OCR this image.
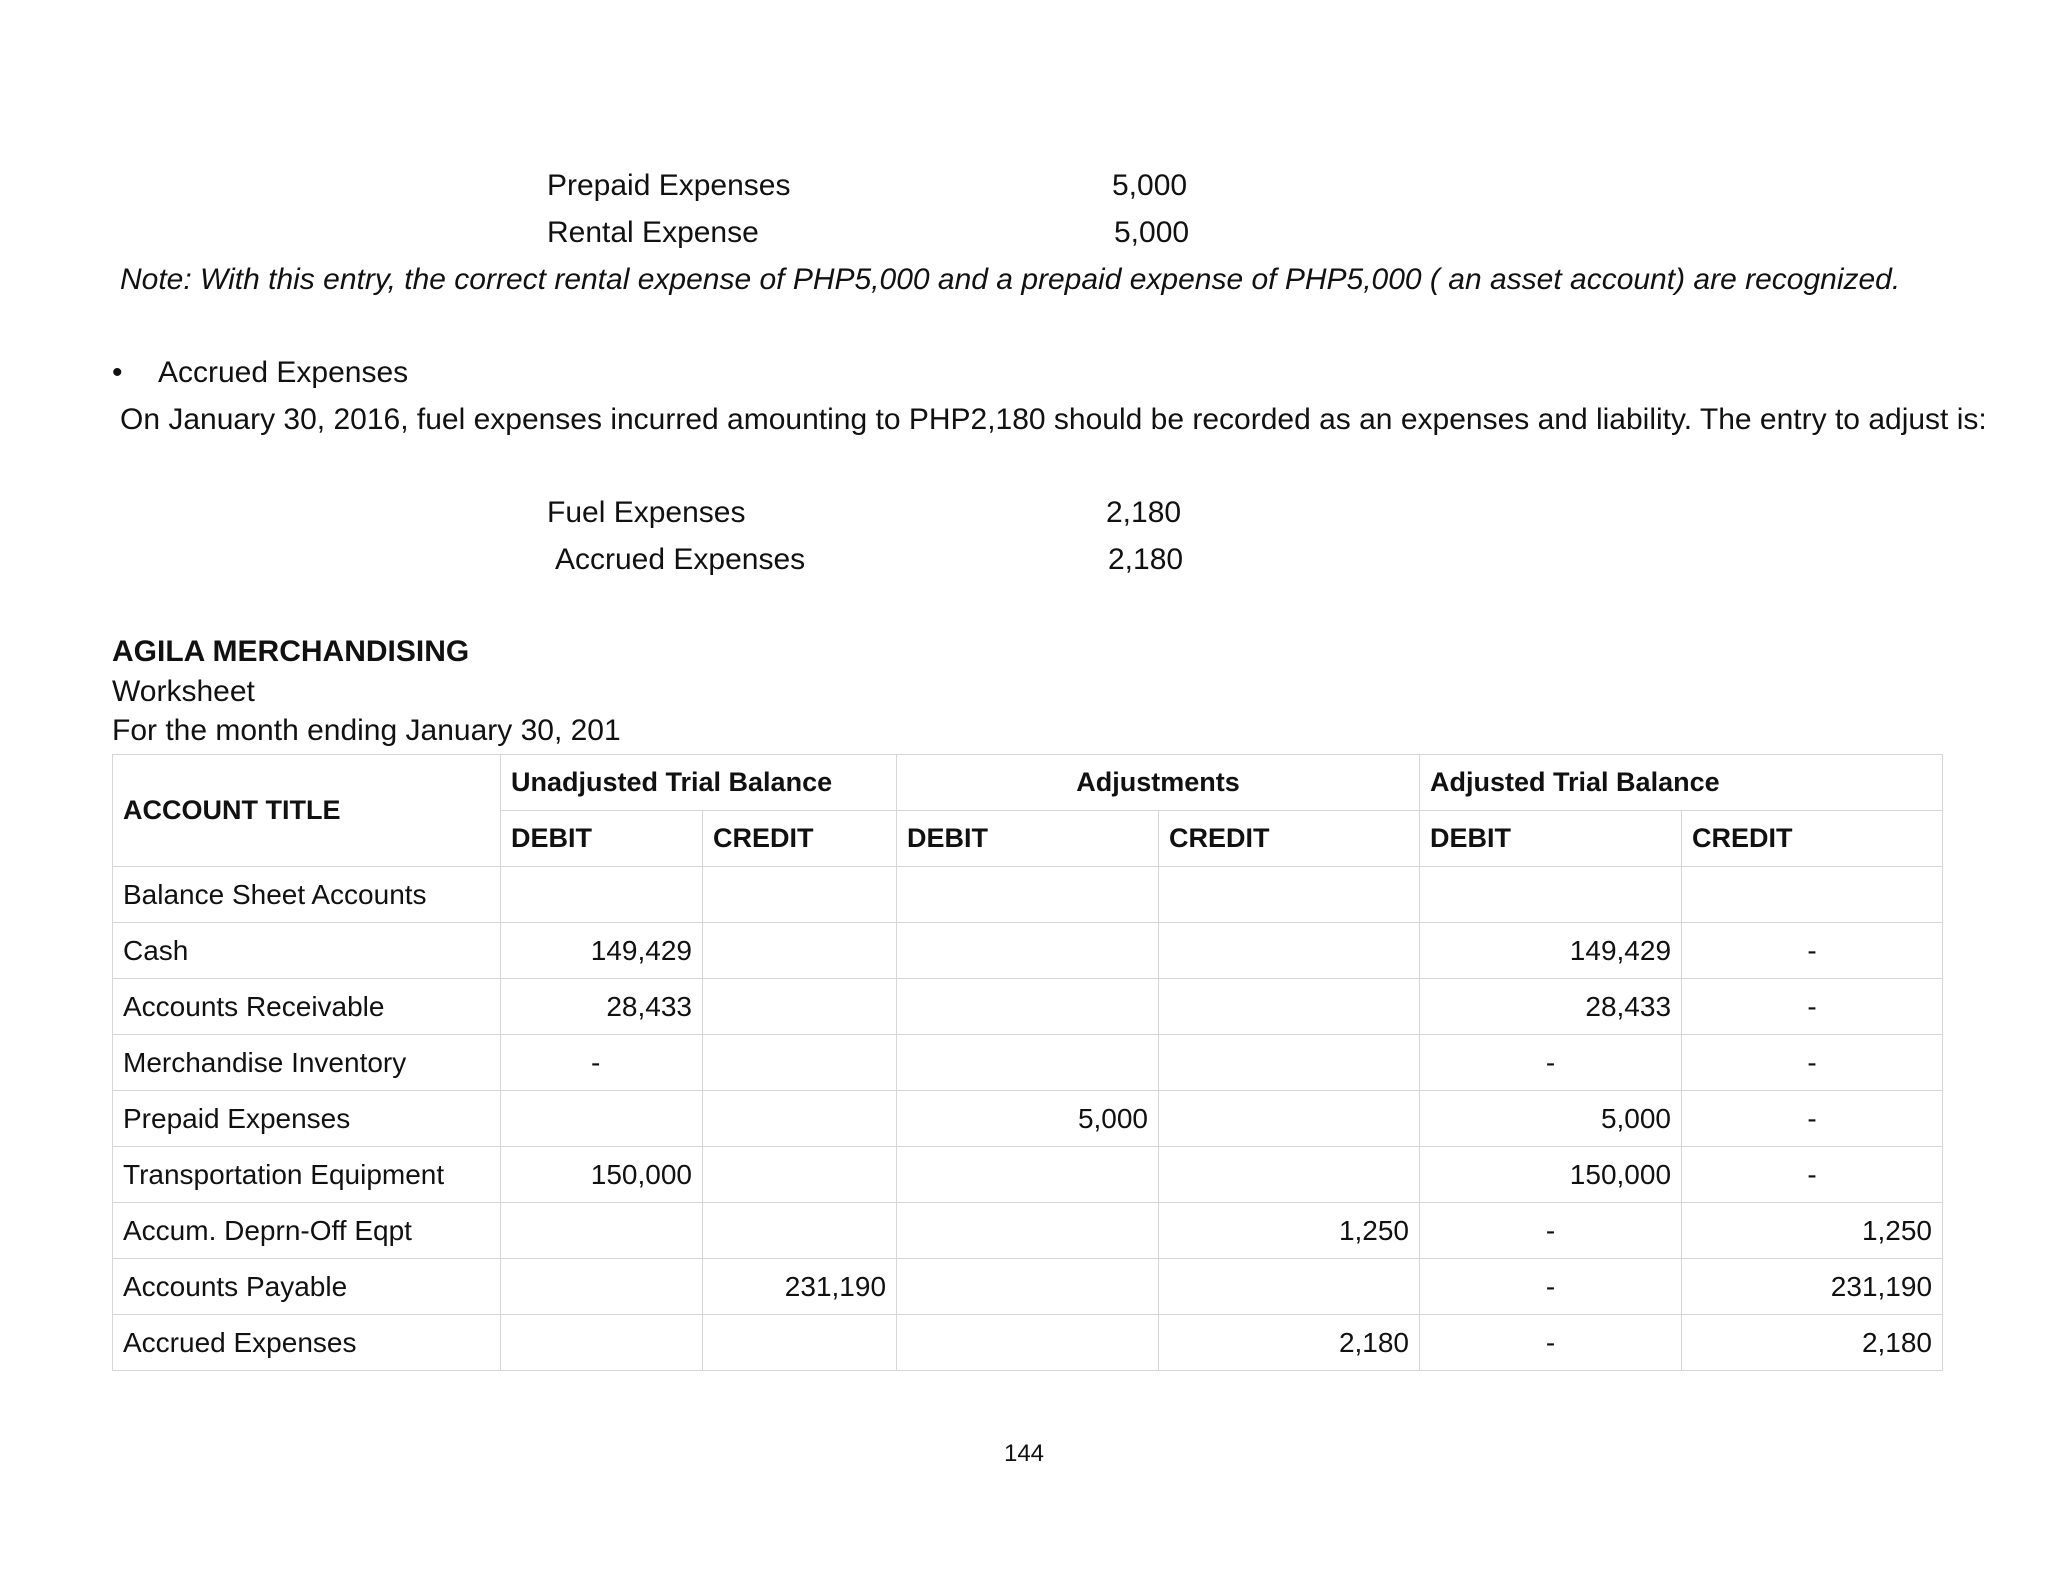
Prepaid Expenses	5,000
Rental Expense	5,000
Note: With this entry, the correct rental expense of PHP5,000 and a prepaid expense of PHP5,000 ( an asset account) are recognized.
• Accrued Expenses
On January 30, 2016, fuel expenses incurred amounting to PHP2,180 should be recorded as an expenses and liability. The entry to adjust is:
Fuel Expenses	2,180
Accrued Expenses	2,180
AGILA MERCHANDISING
Worksheet
For the month ending January 30, 201
ACCOUNT TITLE	Unadjusted Trial Balance		Adjustments		Adjusted Trial Balance	
	DEBIT	CREDIT	DEBIT	CREDIT	DEBIT	CREDIT
Balance Sheet Accounts						
Cash	149,429				149,429	-
Accounts Receivable	28,433				28,433	-
Merchandise Inventory	-				-	-
Prepaid Expenses			5,000		5,000	-
Transportation Equipment	150,000				150,000	-
Accum. Deprn-Off Eqpt				1,250	-	1,250
Accounts Payable		231,190			-	231,190
Accrued Expenses				2,180	-	2,180
144
